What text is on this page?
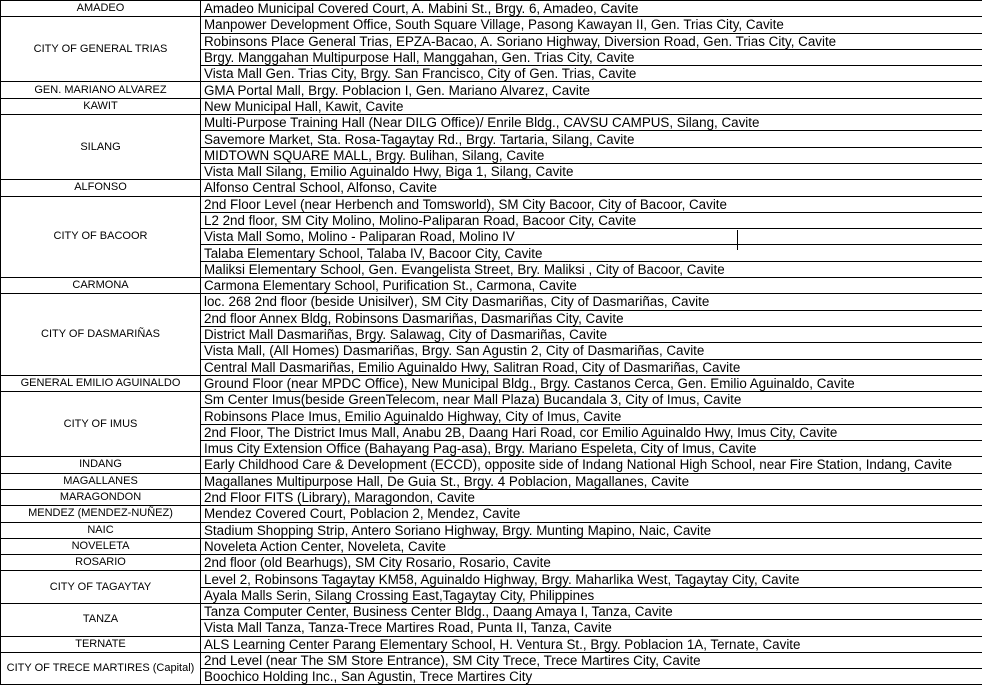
AMADEO	Amadeo Municipal Covered Court, A. Mabini St., Brgy. 6, Amadeo, Cavite
CITY OF GENERAL TRIAS	Manpower Development Office, South Square Village, Pasong Kawayan II, Gen. Trias City, Cavite
	Robinsons Place General Trias, EPZA-Bacao, A. Soriano Highway, Diversion Road, Gen. Trias City, Cavite
	Brgy. Manggahan Multipurpose Hall, Manggahan, Gen. Trias City, Cavite
	Vista Mall Gen. Trias City, Brgy. San Francisco, City of Gen. Trias, Cavite
GEN. MARIANO ALVAREZ	GMA Portal Mall, Brgy. Poblacion I, Gen. Mariano Alvarez, Cavite
KAWIT	New Municipal Hall, Kawit, Cavite
SILANG	Multi-Purpose Training Hall (Near DILG Office)/ Enrile Bldg., CAVSU CAMPUS, Silang, Cavite
	Savemore Market, Sta. Rosa-Tagaytay Rd., Brgy. Tartaria, Silang, Cavite
	MIDTOWN SQUARE MALL, Brgy. Bulihan, Silang, Cavite
	Vista Mall Silang, Emilio Aguinaldo Hwy, Biga 1, Silang, Cavite
ALFONSO	Alfonso Central School, Alfonso, Cavite
CITY OF BACOOR	2nd Floor Level (near Herbench and Tomsworld), SM City Bacoor, City of Bacoor, Cavite
	L2 2nd floor, SM City Molino, Molino-Paliparan Road, Bacoor City, Cavite
	Vista Mall Somo, Molino - Paliparan Road, Molino IV
	Talaba Elementary School, Talaba IV, Bacoor City, Cavite
	Maliksi Elementary School, Gen. Evangelista Street, Bry. Maliksi , City of Bacoor, Cavite
CARMONA	Carmona Elementary School, Purification St., Carmona, Cavite
CITY OF DASMARIÑAS	loc. 268 2nd floor (beside Unisilver), SM City Dasmariñas, City of Dasmariñas, Cavite
	2nd floor Annex Bldg, Robinsons Dasmariñas, Dasmariñas City, Cavite
	District Mall Dasmariñas, Brgy. Salawag, City of Dasmariñas, Cavite
	Vista Mall, (All Homes) Dasmariñas, Brgy. San Agustin 2, City of Dasmariñas, Cavite
	Central Mall Dasmariñas, Emilio Aguinaldo Hwy, Salitran Road, City of Dasmariñas, Cavite
GENERAL EMILIO AGUINALDO	Ground Floor (near MPDC Office), New Municipal Bldg., Brgy. Castanos Cerca, Gen. Emilio Aguinaldo, Cavite
CITY OF IMUS	Sm Center Imus(beside GreenTelecom, near Mall Plaza) Bucandala 3, City of Imus, Cavite
	Robinsons Place Imus, Emilio Aguinaldo Highway, City of Imus, Cavite
	2nd Floor, The District Imus Mall, Anabu 2B, Daang Hari Road, cor Emilio Aguinaldo Hwy, Imus City, Cavite
	Imus City Extension Office (Bahayang Pag-asa), Brgy. Mariano Espeleta, City of Imus, Cavite
INDANG	Early Childhood Care & Development (ECCD), opposite side of Indang National High School, near Fire Station, Indang, Cavite
MAGALLANES	Magallanes Multipurpose Hall, De Guia St., Brgy. 4 Poblacion, Magallanes, Cavite
MARAGONDON	2nd Floor FITS (Library), Maragondon, Cavite
MENDEZ (MENDEZ-NUÑEZ)	Mendez Covered Court, Poblacion 2, Mendez, Cavite
NAIC	Stadium Shopping Strip, Antero Soriano Highway, Brgy. Munting Mapino, Naic, Cavite
NOVELETA	Noveleta Action Center, Noveleta, Cavite
ROSARIO	2nd floor (old Bearhugs), SM City Rosario, Rosario, Cavite
CITY OF TAGAYTAY	Level 2, Robinsons Tagaytay KM58, Aguinaldo Highway, Brgy. Maharlika West, Tagaytay City, Cavite
	Ayala Malls Serin, Silang Crossing East,Tagaytay City, Philippines
TANZA	Tanza Computer Center, Business Center Bldg., Daang Amaya I, Tanza, Cavite
	Vista Mall Tanza, Tanza-Trece Martires Road, Punta II, Tanza, Cavite
TERNATE	ALS Learning Center Parang Elementary School, H. Ventura St., Brgy. Poblacion 1A, Ternate, Cavite
CITY OF TRECE MARTIRES (Capital)	2nd Level (near The SM Store Entrance), SM City Trece, Trece Martires City, Cavite
	Boochico Holding Inc., San Agustin, Trece Martires City
